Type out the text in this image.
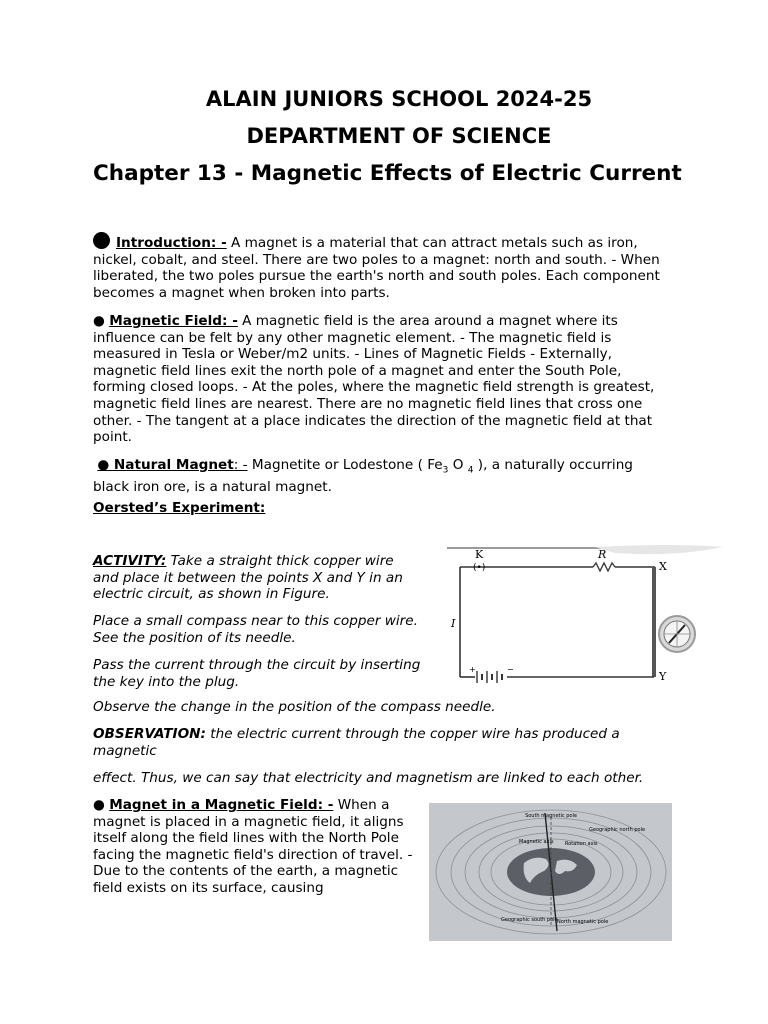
ALAIN JUNIORS SCHOOL 2024-25
DEPARTMENT OF SCIENCE
Chapter 13 - Magnetic Effects of Electric Current
Introduction: - A magnet is a material that can attract metals such as iron, nickel, cobalt, and steel. There are two poles to a magnet: north and south. - When liberated, the two poles pursue the earth's north and south poles. Each component becomes a magnet when broken into parts.
● Magnetic Field: - A magnetic field is the area around a magnet where its influence can be felt by any other magnetic element. - The magnetic field is measured in Tesla or Weber/m2 units. - Lines of Magnetic Fields - Externally, magnetic field lines exit the north pole of a magnet and enter the South Pole, forming closed loops. - At the poles, where the magnetic field strength is greatest, magnetic field lines are nearest. There are no magnetic field lines that cross one other. - The tangent at a place indicates the direction of the magnetic field at that point.
● Natural Magnet: - Magnetite or Lodestone ( $Fe_3$ O $_4$ ), a naturally occurring black iron ore, is a natural magnet.
Oersted’s Experiment:
ACTIVITY: Take a straight thick copper wire and place it between the points X and Y in an electric circuit, as shown in Figure.
Place a small compass near to this copper wire. See the position of its needle.
Pass the current through the circuit by inserting the key into the plug.
Observe the change in the position of the compass needle.
OBSERVATION: the electric current through the copper wire has produced a magnetic
effect. Thus, we can say that electricity and magnetism are linked to each other.
● Magnet in a Magnetic Field: - When a magnet is placed in a magnetic field, it aligns itself along the field lines with the North Pole facing the magnetic field's direction of travel. - Due to the contents of the earth, a magnetic field exists on its surface, causing
+	−
(•)
K	R
X
Y
I
South magnetic pole
Geographic north pole
Magnetic axis Rotation axis
Geographic south pole North magnetic pole
